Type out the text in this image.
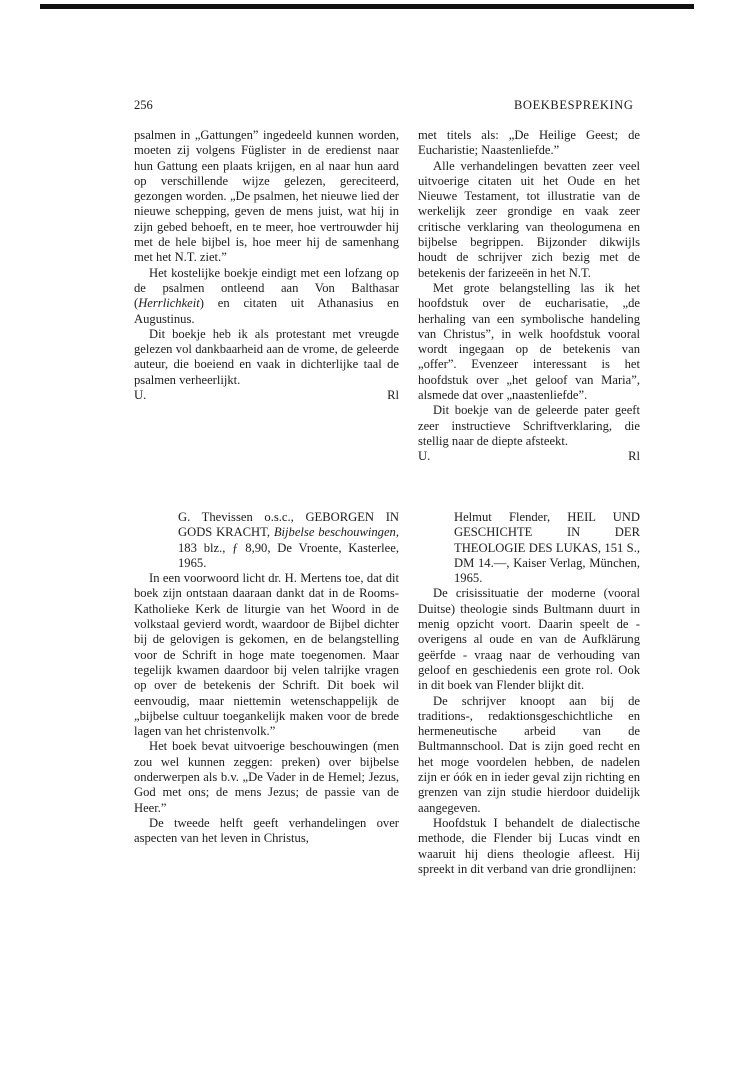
256	BOEKBESPREKING

psalmen in „Gattungen” ingedeeld kunnen worden, moeten zij volgens Füglister in de eredienst naar hun Gattung een plaats krijgen, en al naar hun aard op verschillende wijze gelezen, gereciteerd, gezongen worden. „De psalmen, het nieuwe lied der nieuwe schepping, geven de mens juist, wat hij in zijn gebed behoeft, en te meer, hoe vertrouwder hij met de hele bijbel is, hoe meer hij de samenhang met het N.T. ziet.”

Het kostelijke boekje eindigt met een lofzang op de psalmen ontleend aan Von Balthasar (Herrlichkeit) en citaten uit Athanasius en Augustinus.

Dit boekje heb ik als protestant met vreugde gelezen vol dankbaarheid aan de vrome, de geleerde auteur, die boeiend en vaak in dichterlijke taal de psalmen verheerlijkt.

U.	Rl

met titels als: „De Heilige Geest; de Eucharistie; Naastenliefde.”

Alle verhandelingen bevatten zeer veel uitvoerige citaten uit het Oude en het Nieuwe Testament, tot illustratie van de werkelijk zeer grondige en vaak zeer critische verklaring van theologumena en bijbelse begrippen. Bijzonder dikwijls houdt de schrijver zich bezig met de betekenis der farizeeën in het N.T.

Met grote belangstelling las ik het hoofdstuk over de eucharisatie, „de herhaling van een symbolische handeling van Christus”, in welk hoofdstuk vooral wordt ingegaan op de betekenis van „offer”. Evenzeer interessant is het hoofdstuk over „het geloof van Maria”, alsmede dat over „naastenliefde”.

Dit boekje van de geleerde pater geeft zeer instructieve Schriftverklaring, die stellig naar de diepte afsteekt.

U.	Rl

G. Thevissen o.s.c., GEBORGEN IN GODS KRACHT, Bijbelse beschouwingen, 183 blz., ƒ 8,90, De Vroente, Kasterlee, 1965.

In een voorwoord licht dr. H. Mertens toe, dat dit boek zijn ontstaan daaraan dankt dat in de Rooms-Katholieke Kerk de liturgie van het Woord in de volkstaal gevierd wordt, waardoor de Bijbel dichter bij de gelovigen is gekomen, en de belangstelling voor de Schrift in hoge mate toegenomen. Maar tegelijk kwamen daardoor bij velen talrijke vragen op over de betekenis der Schrift. Dit boek wil eenvoudig, maar niettemin wetenschappelijk de „bijbelse cultuur toegankelijk maken voor de brede lagen van het christenvolk.”

Het boek bevat uitvoerige beschouwingen (men zou wel kunnen zeggen: preken) over bijbelse onderwerpen als b.v. „De Vader in de Hemel; Jezus, God met ons; de mens Jezus; de passie van de Heer.”

De tweede helft geeft verhandelingen over aspecten van het leven in Christus,

Helmut Flender, HEIL UND GESCHICHTE IN DER THEOLOGIE DES LUKAS, 151 S., DM 14.—, Kaiser Verlag, München, 1965.

De crisissituatie der moderne (vooral Duitse) theologie sinds Bultmann duurt in menig opzicht voort. Daarin speelt de - overigens al oude en van de Aufklärung geërfde - vraag naar de verhouding van geloof en geschiedenis een grote rol. Ook in dit boek van Flender blijkt dit.

De schrijver knoopt aan bij de traditions-, redaktionsgeschichtliche en hermeneutische arbeid van de Bultmannschool. Dat is zijn goed recht en het moge voordelen hebben, de nadelen zijn er óók en in ieder geval zijn richting en grenzen van zijn studie hierdoor duidelijk aangegeven.

Hoofdstuk I behandelt de dialectische methode, die Flender bij Lucas vindt en waaruit hij diens theologie afleest. Hij spreekt in dit verband van drie grondlijnen:
